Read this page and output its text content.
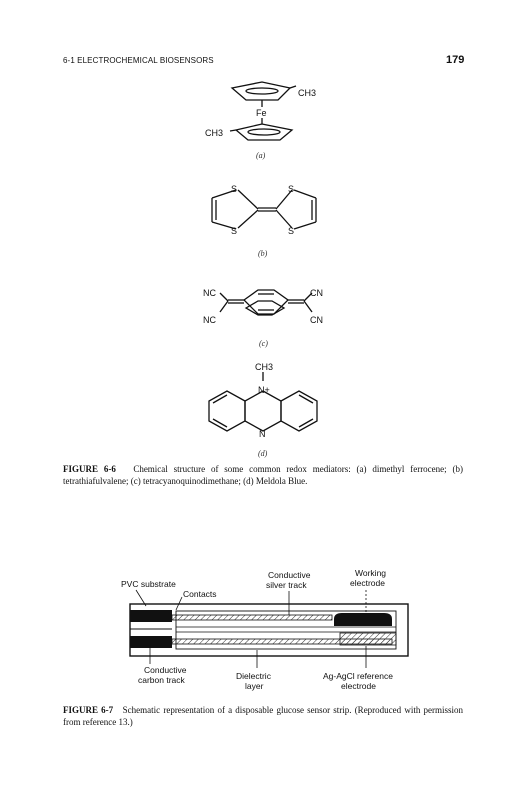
6-1 ELECTROCHEMICAL BIOSENSORS	179
CH3
Fe
CH3
(a)
S
S
S
S
(b)
NC
NC
CN
CN
(c)
CH3
N+
N
(d)
FIGURE 6-6 Chemical structure of some common redox mediators: (a) dimethyl ferrocene; (b) tetrathiafulvalene; (c) tetracyanoquinodimethane; (d) Meldola Blue.
PVC substrate
Contacts
Conductive
silver track
Working
electrode
Conductive
carbon track	Dielectric
layer
Ag-AgCl reference
electrode
FIGURE 6-7 Schematic representation of a disposable glucose sensor strip. (Reproduced with permission from reference 13.)
